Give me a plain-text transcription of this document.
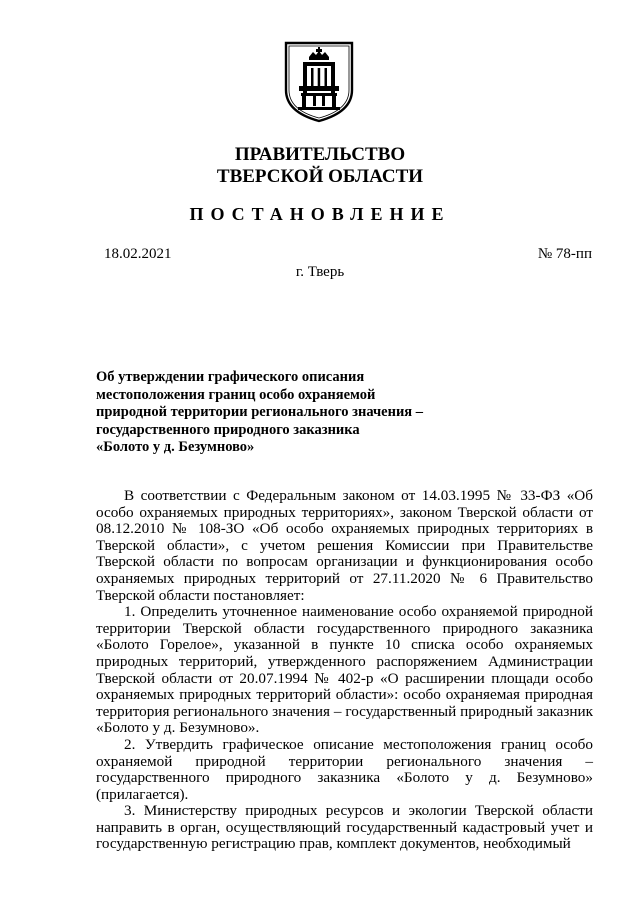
ПРАВИТЕЛЬСТВО
ТВЕРСКОЙ ОБЛАСТИ
ПОСТАНОВЛЕНИЕ
18.02.2021	№ 78-пп
г. Тверь
Об утверждении графического описания
местоположения границ особо охраняемой
природной территории регионального значения –
государственного природного заказника
«Болото у д. Безумново»

В соответствии с Федеральным законом от 14.03.1995 № 33-ФЗ «Об особо охраняемых природных территориях», законом Тверской области от 08.12.2010 № 108-ЗО «Об особо охраняемых природных территориях в Тверской области», с учетом решения Комиссии при Правительстве Тверской области по вопросам организации и функционирования особо охраняемых природных территорий от 27.11.2020 № 6 Правительство Тверской области постановляет:

1. Определить уточненное наименование особо охраняемой природной территории Тверской области государственного природного заказника «Болото Горелое», указанной в пункте 10 списка особо охраняемых природных территорий, утвержденного распоряжением Администрации Тверской области от 20.07.1994 № 402-р «О расширении площади особо охраняемых природных территорий области»: особо охраняемая природная территория регионального значения – государственный природный заказник «Болото у д. Безумново».

2. Утвердить графическое описание местоположения границ особо охраняемой природной территории регионального значения – государственного природного заказника «Болото у д. Безумново» (прилагается).

3. Министерству природных ресурсов и экологии Тверской области направить в орган, осуществляющий государственный кадастровый учет и государственную регистрацию прав, комплект документов, необходимый
